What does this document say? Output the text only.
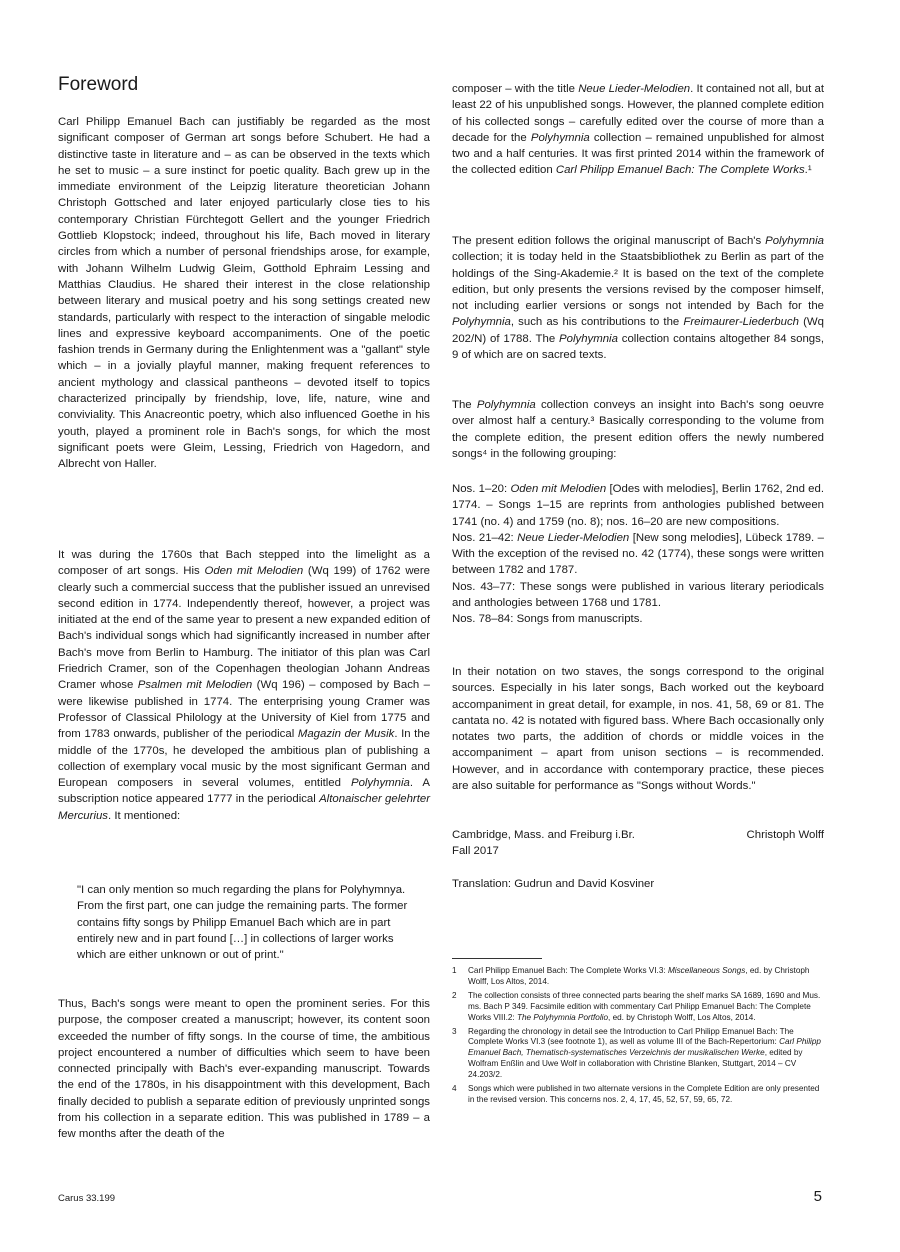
Foreword

Carl Philipp Emanuel Bach can justifiably be regarded as the most significant composer of German art songs before Schubert. He had a distinctive taste in literature and – as can be observed in the texts which he set to music – a sure instinct for poetic quality. Bach grew up in the immediate environment of the Leipzig literature theoretician Johann Christoph Gottsched and later enjoyed particularly close ties to his contemporary Christian Fürchtegott Gellert and the younger Friedrich Gottlieb Klopstock; indeed, throughout his life, Bach moved in literary circles from which a number of personal friendships arose, for example, with Johann Wilhelm Ludwig Gleim, Gotthold Ephraim Lessing and Matthias Claudius. He shared their interest in the close relationship between literary and musical poetry and his song settings created new standards, particularly with respect to the interaction of singable melodic lines and expressive keyboard accompaniments. One of the poetic fashion trends in Germany during the Enlightenment was a "gallant" style which – in a jovially playful manner, making frequent references to ancient mythology and classical pantheons – devoted itself to topics characterized principally by friendship, love, life, nature, wine and conviviality. This Anacreontic poetry, which also influenced Goethe in his youth, played a prominent role in Bach's songs, for which the most significant poets were Gleim, Lessing, Friedrich von Hagedorn, and Albrecht von Haller.

It was during the 1760s that Bach stepped into the limelight as a composer of art songs. His Oden mit Melodien (Wq 199) of 1762 were clearly such a commercial success that the publisher issued an unrevised second edition in 1774. Independently thereof, however, a project was initiated at the end of the same year to present a new expanded edition of Bach's individual songs which had significantly increased in number after Bach's move from Berlin to Hamburg. The initiator of this plan was Carl Friedrich Cramer, son of the Copenhagen theologian Johann Andreas Cramer whose Psalmen mit Melodien (Wq 196) – composed by Bach – were likewise published in 1774. The enterprising young Cramer was Professor of Classical Philology at the University of Kiel from 1775 and from 1783 onwards, publisher of the periodical Magazin der Musik. In the middle of the 1770s, he developed the ambitious plan of publishing a collection of exemplary vocal music by the most significant German and European composers in several volumes, entitled Polyhymnia. A subscription notice appeared 1777 in the periodical Altonaischer gelehrter Mercurius. It mentioned:

"I can only mention so much regarding the plans for Polyhymnya. From the first part, one can judge the remaining parts. The former contains fifty songs by Philipp Emanuel Bach which are in part entirely new and in part found […] in collections of larger works which are either unknown or out of print."

Thus, Bach's songs were meant to open the prominent series. For this purpose, the composer created a manuscript; however, its content soon exceeded the number of fifty songs. In the course of time, the ambitious project encountered a number of difficulties which seem to have been connected principally with Bach's ever-expanding manuscript. Towards the end of the 1780s, in his disappointment with this development, Bach finally decided to publish a separate edition of previously unprinted songs from his collection in a separate edition. This was published in 1789 – a few months after the death of the

composer – with the title Neue Lieder-Melodien. It contained not all, but at least 22 of his unpublished songs. However, the planned complete edition of his collected songs – carefully edited over the course of more than a decade for the Polyhymnia collection – remained unpublished for almost two and a half centuries. It was first printed 2014 within the framework of the collected edition Carl Philipp Emanuel Bach: The Complete Works.¹

The present edition follows the original manuscript of Bach's Polyhymnia collection; it is today held in the Staatsbibliothek zu Berlin as part of the holdings of the Sing-Akademie.² It is based on the text of the complete edition, but only presents the versions revised by the composer himself, not including earlier versions or songs not intended by Bach for the Polyhymnia, such as his contributions to the Freimaurer-Liederbuch (Wq 202/N) of 1788. The Polyhymnia collection contains altogether 84 songs, 9 of which are on sacred texts.

The Polyhymnia collection conveys an insight into Bach's song oeuvre over almost half a century.³ Basically corresponding to the volume from the complete edition, the present edition offers the newly numbered songs⁴ in the following grouping:

Nos. 1–20: Oden mit Melodien [Odes with melodies], Berlin 1762, 2nd ed. 1774. – Songs 1–15 are reprints from anthologies published between 1741 (no. 4) and 1759 (no. 8); nos. 16–20 are new compositions.

Nos. 21–42: Neue Lieder-Melodien [New song melodies], Lübeck 1789. – With the exception of the revised no. 42 (1774), these songs were written between 1782 and 1787.

Nos. 43–77: These songs were published in various literary periodicals and anthologies between 1768 und 1781.

Nos. 78–84: Songs from manuscripts.

In their notation on two staves, the songs correspond to the original sources. Especially in his later songs, Bach worked out the keyboard accompaniment in great detail, for example, in nos. 41, 58, 69 or 81. The cantata no. 42 is notated with figured bass. Where Bach occasionally only notates two parts, the addition of chords or middle voices in the accompaniment – apart from unison sections – is recommended. However, and in accordance with contemporary practice, these pieces are also suitable for performance as "Songs without Words."

Cambridge, Mass. and Freiburg i.Br.	Christoph Wolff

Fall 2017

Translation: Gudrun and David Kosviner

1	Carl Philipp Emanuel Bach: The Complete Works VI.3: Miscellaneous Songs, ed. by Christoph Wolff, Los Altos, 2014.
2	The collection consists of three connected parts bearing the shelf marks SA 1689, 1690 and Mus. ms. Bach P 349. Facsimile edition with commentary Carl Philipp Emanuel Bach: The Complete Works VIII.2: The Polyhymnia Portfolio, ed. by Christoph Wolff, Los Altos, 2014.
3	Regarding the chronology in detail see the Introduction to Carl Philipp Emanuel Bach: The Complete Works VI.3 (see footnote 1), as well as volume III of the Bach-Repertorium: Carl Philipp Emanuel Bach, Thematisch-systematisches Verzeichnis der musikalischen Werke, edited by Wolfram Enßlin and Uwe Wolf in collaboration with Christine Blanken, Stuttgart, 2014 – CV 24.203/2.
4	Songs which were published in two alternate versions in the Complete Edition are only presented in the revised version. This concerns nos. 2, 4, 17, 45, 52, 57, 59, 65, 72.
Carus 33.199	5
